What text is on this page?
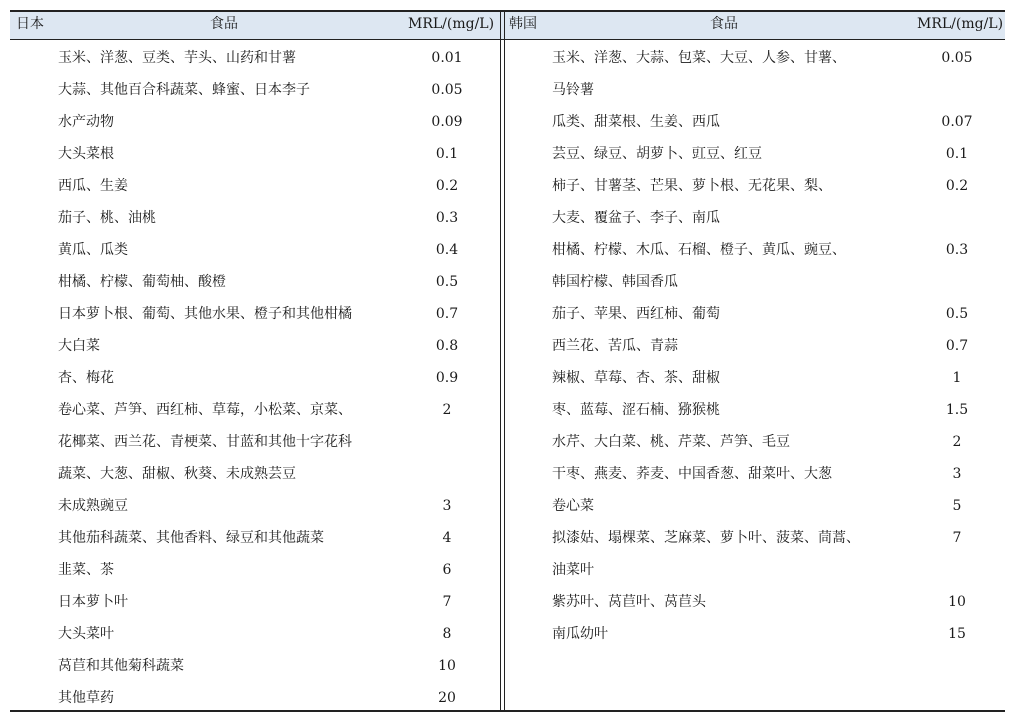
日本	食品	MRL/(mg/L) 韩国	食品	MRL/(mg/L)
玉米、洋葱、豆类、芋头、山药和甘薯	0.01
大蒜、其他百合科蔬菜、蜂蜜、日本李子	0.05
水产动物	0.09
大头菜根	0.1
西瓜、生姜	0.2
茄子、桃、油桃	0.3
黄瓜、瓜类	0.4
柑橘、柠檬、葡萄柚、酸橙	0.5
日本萝卜根、葡萄、其他水果、橙子和其他柑橘	0.7
大白菜	0.8
杏、梅花	0.9
卷心菜、芦笋、西红柿、草莓，小松菜、京菜、	2
花椰菜、西兰花、青梗菜、甘蓝和其他十字花科
蔬菜、大葱、甜椒、秋葵、未成熟芸豆
未成熟豌豆	3
其他茄科蔬菜、其他香料、绿豆和其他蔬菜	4
韭菜、茶	6
日本萝卜叶	7
大头菜叶	8
莴苣和其他菊科蔬菜	10
其他草药	20
玉米、洋葱、大蒜、包菜、大豆、人参、甘薯、	0.05
马铃薯
瓜类、甜菜根、生姜、西瓜	0.07
芸豆、绿豆、胡萝卜、豇豆、红豆	0.1
柿子、甘薯茎、芒果、萝卜根、无花果、梨、	0.2
大麦、覆盆子、李子、南瓜
柑橘、柠檬、木瓜、石榴、橙子、黄瓜、豌豆、	0.3
韩国柠檬、韩国香瓜
茄子、苹果、西红柿、葡萄	0.5
西兰花、苦瓜、青蒜	0.7
辣椒、草莓、杏、茶、甜椒	1
枣、蓝莓、涩石楠、猕猴桃	1.5
水芹、大白菜、桃、芹菜、芦笋、毛豆	2
干枣、燕麦、荞麦、中国香葱、甜菜叶、大葱	3
卷心菜	5
拟漆姑、塌棵菜、芝麻菜、萝卜叶、菠菜、茼蒿、	7
油菜叶
紫苏叶、莴苣叶、莴苣头	10
南瓜幼叶	15
